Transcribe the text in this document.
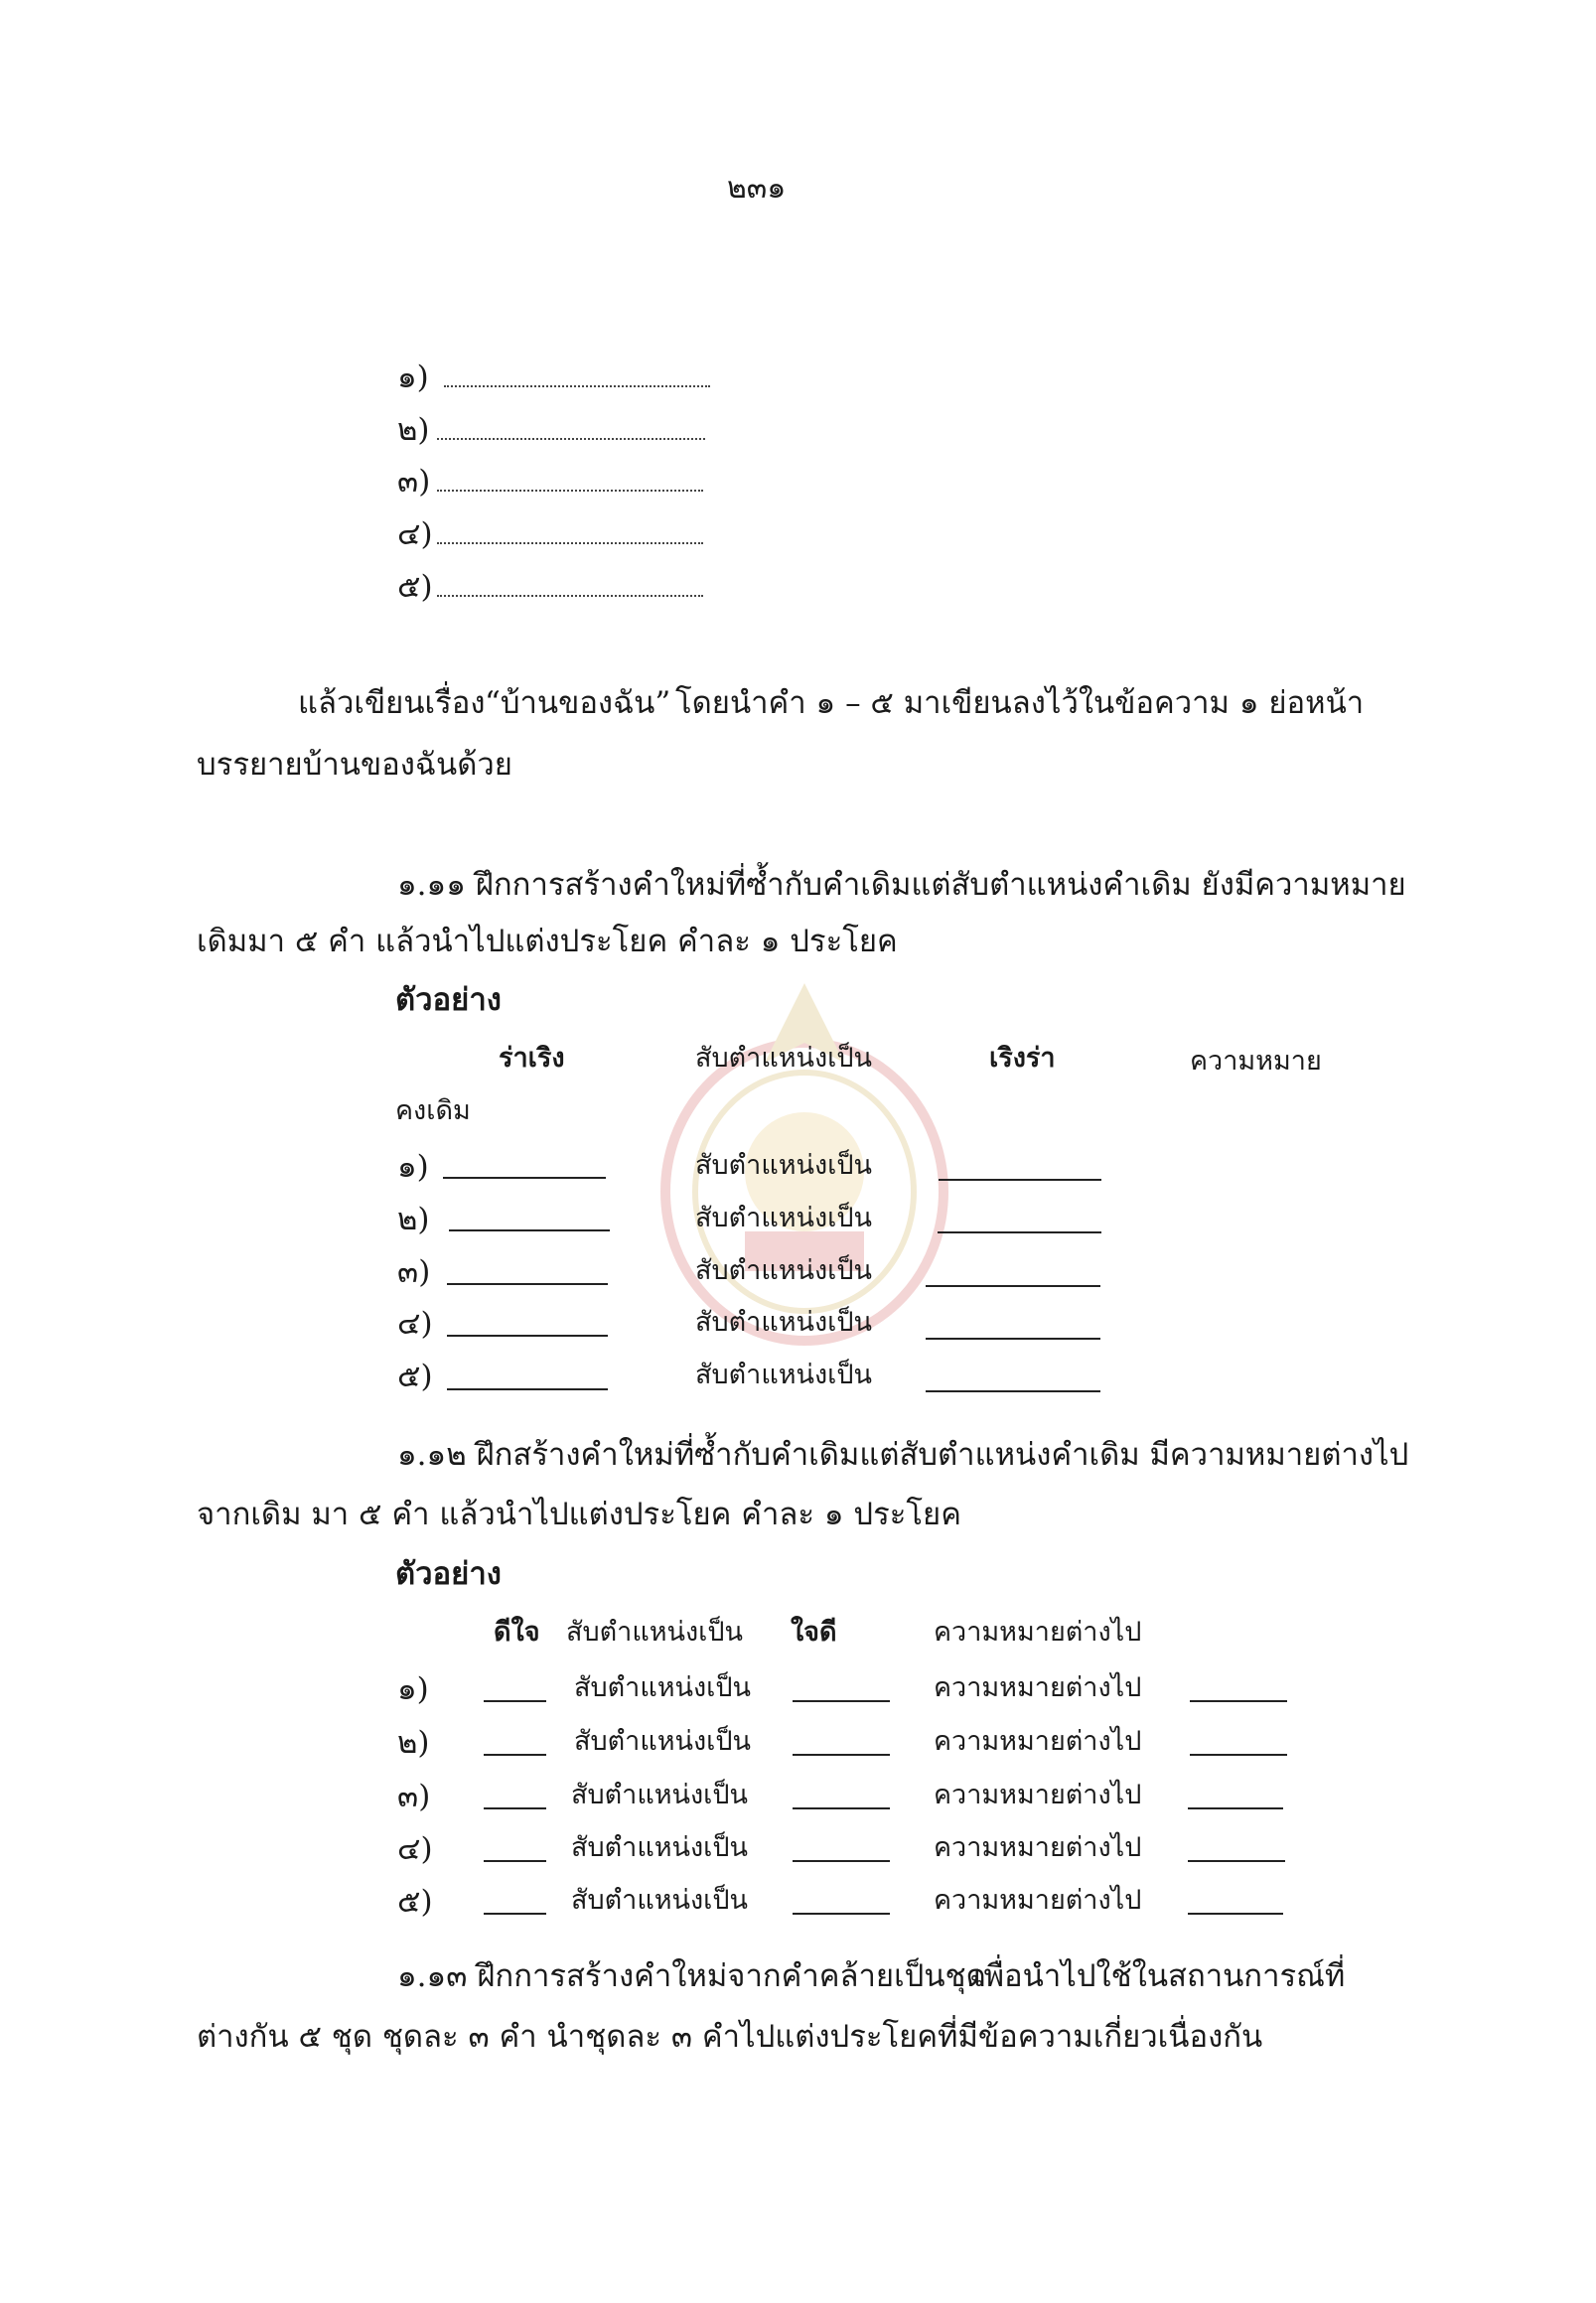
๒๓๑
๑)
๒)
๓)
๔)
๕)
แล้วเขียนเรื่อง “บ้านของฉัน” โดยนำคำ ๑ – ๕ มาเขียนลงไว้ในข้อความ ๑ ย่อหน้า
บรรยายบ้านของฉันด้วย
๑.๑๑ ฝึกการสร้างคำใหม่ที่ซ้ำกับคำเดิมแต่สับตำแหน่งคำเดิม ยังมีความหมาย
เดิมมา ๕ คำ แล้วนำไปแต่งประโยค คำละ ๑ ประโยค
ตัวอย่าง
ร่าเริง	สับตำแหน่งเป็น	เริงร่า	ความหมาย
คงเดิม
๑)	สับตำแหน่งเป็น
๒)	สับตำแหน่งเป็น
๓)	สับตำแหน่งเป็น
๔)	สับตำแหน่งเป็น
๕)	สับตำแหน่งเป็น
๑.๑๒ ฝึกสร้างคำใหม่ที่ซ้ำกับคำเดิมแต่สับตำแหน่งคำเดิม มีความหมายต่างไป
จากเดิม มา ๕ คำ แล้วนำไปแต่งประโยค คำละ ๑ ประโยค
ตัวอย่าง
ดีใจ สับตำแหน่งเป็น ใจดี	ความหมายต่างไป
๑)	สับตำแหน่งเป็น	ความหมายต่างไป
๒)	สับตำแหน่งเป็น	ความหมายต่างไป
๓)	สับตำแหน่งเป็น	ความหมายต่างไป
๔)	สับตำแหน่งเป็น	ความหมายต่างไป
๕)	สับตำแหน่งเป็น	ความหมายต่างไป
๑.๑๓ ฝึกการสร้างคำใหม่จากคำคล้ายเป็นชุด
เพื่อนำไปใช้ในสถานการณ์ที่
ต่างกัน ๕ ชุด ชุดละ ๓ คำ นำชุดละ ๓ คำไปแต่งประโยคที่มีข้อความเกี่ยวเนื่องกัน
